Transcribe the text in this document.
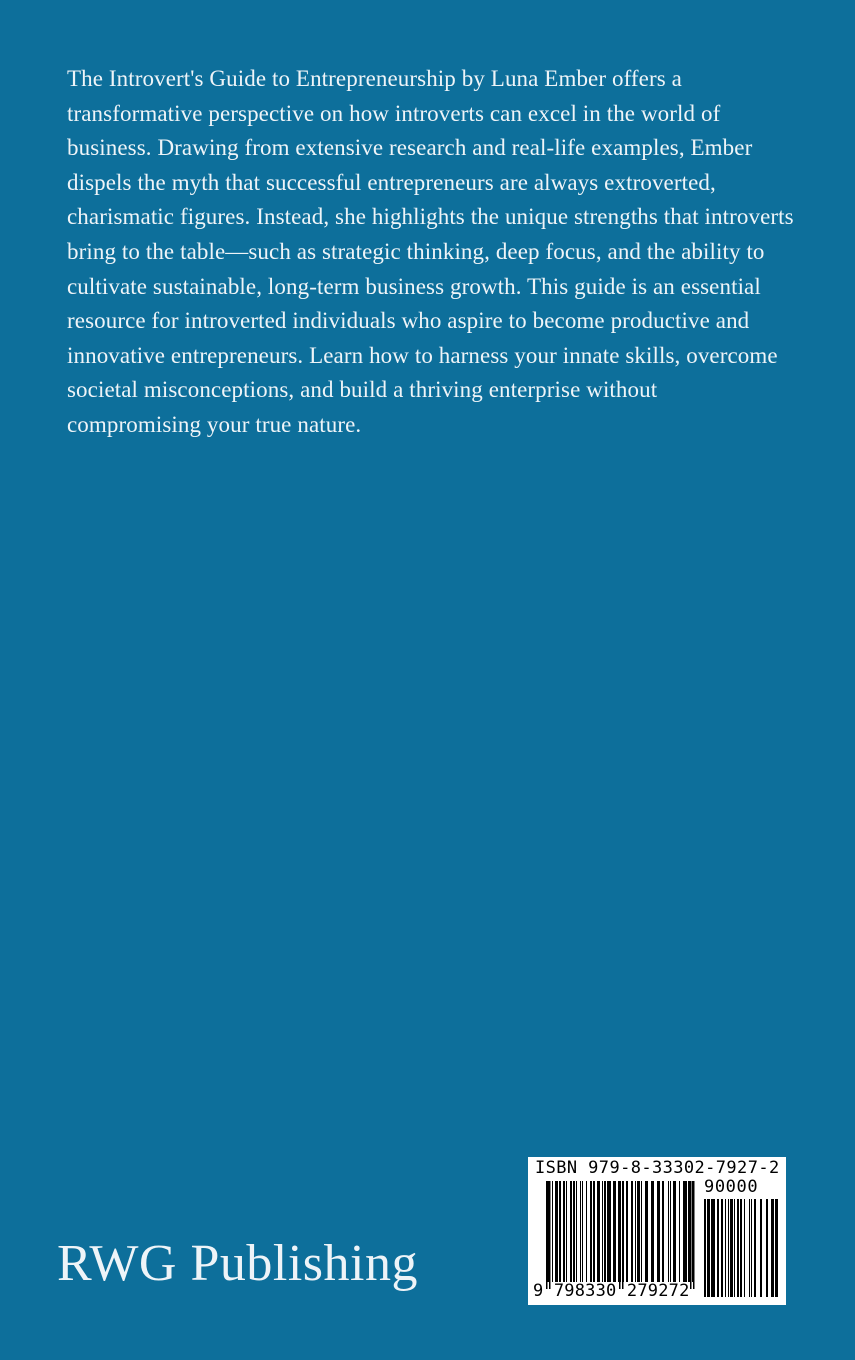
The Introvert's Guide to Entrepreneurship by Luna Ember offers a transformative perspective on how introverts can excel in the world of business. Drawing from extensive research and real-life examples, Ember dispels the myth that successful entrepreneurs are always extroverted, charismatic figures. Instead, she highlights the unique strengths that introverts bring to the table—such as strategic thinking, deep focus, and the ability to cultivate sustainable, long-term business growth. This guide is an essential resource for introverted individuals who aspire to become productive and innovative entrepreneurs. Learn how to harness your innate skills, overcome societal misconceptions, and build a thriving enterprise without compromising your true nature.

RWG Publishing
ISBN 979-8-33302-7927-2
90000
9 798330 279272
